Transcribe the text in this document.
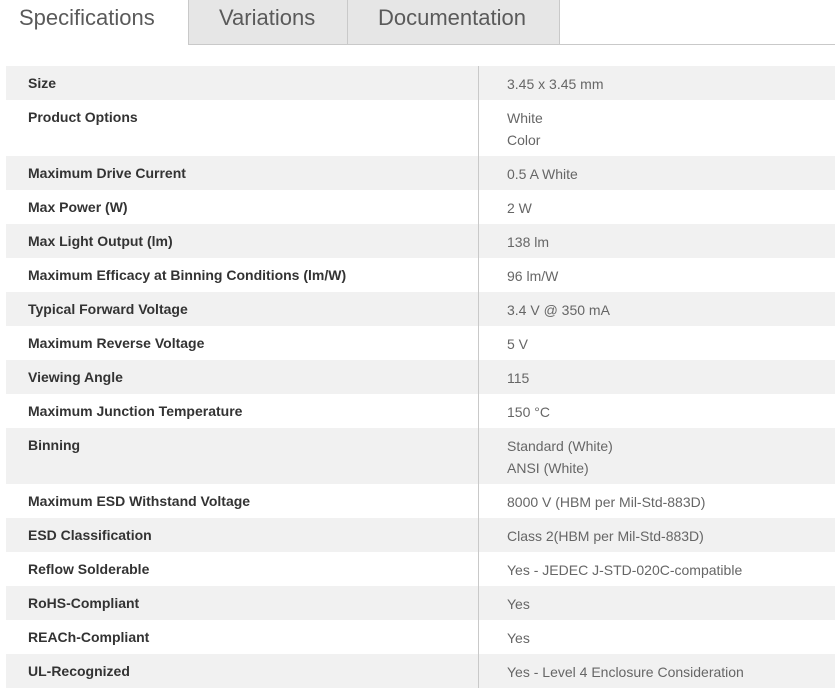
Specifications	Variations	Documentation
Size	3.45 x 3.45 mm
Product Options	White
Color
Maximum Drive Current	0.5 A White
Max Power (W)	2 W
Max Light Output (lm)	138 lm
Maximum Efficacy at Binning Conditions (lm/W)	96 lm/W
Typical Forward Voltage	3.4 V @ 350 mA
Maximum Reverse Voltage	5 V
Viewing Angle	115
Maximum Junction Temperature	150 °C
Binning	Standard (White)
ANSI (White)
Maximum ESD Withstand Voltage	8000 V (HBM per Mil-Std-883D)
ESD Classification	Class 2(HBM per Mil-Std-883D)
Reflow Solderable	Yes - JEDEC J-STD-020C-compatible
RoHS-Compliant	Yes
REACh-Compliant	Yes
UL-Recognized	Yes - Level 4 Enclosure Consideration
